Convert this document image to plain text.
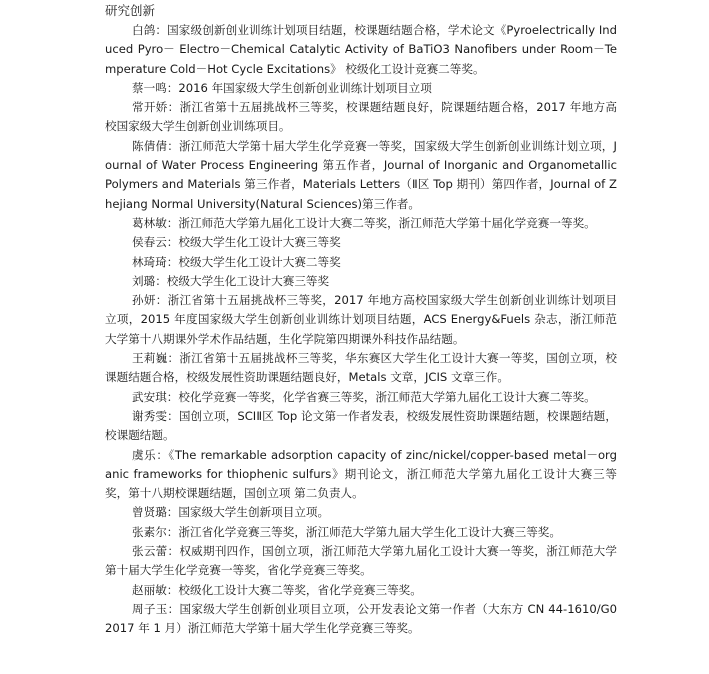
研究创新

白鸽：国家级创新创业训练计划项目结题，校课题结题合格，学术论文《Pyroelectrically Induced Pyro－ Electro－Chemical Catalytic Activity of BaTiO3 Nanofibers under Room－Temperature Cold－Hot Cycle Excitations》 校级化工设计竞赛二等奖。

蔡一鸣：2016 年国家级大学生创新创业训练计划项目立项

常开娇：浙江省第十五届挑战杯三等奖，校课题结题良好，院课题结题合格，2017 年地方高校国家级大学生创新创业训练项目。

陈倩倩：浙江师范大学第十届大学生化学竞赛一等奖，国家级大学生创新创业训练计划立项，Journal of Water Process Engineering 第五作者，Journal of Inorganic and Organometallic Polymers and Materials 第三作者，Materials Letters（Ⅱ区 Top 期刊）第四作者，Journal of Zhejiang Normal University(Natural Sciences)第三作者。

葛林敏：浙江师范大学第九届化工设计大赛二等奖，浙江师范大学第十届化学竞赛一等奖。

侯春云：校级大学生化工设计大赛三等奖

林琦琦：校级大学生化工设计大赛二等奖

刘璐：校级大学生化工设计大赛三等奖

孙妍：浙江省第十五届挑战杯三等奖，2017 年地方高校国家级大学生创新创业训练计划项目立项，2015 年度国家级大学生创新创业训练计划项目结题，ACS Energy&Fuels 杂志，浙江师范大学第十八期课外学术作品结题，生化学院第四期课外科技作品结题。

王莉巍：浙江省第十五届挑战杯三等奖，华东赛区大学生化工设计大赛一等奖，国创立项，校课题结题合格，校级发展性资助课题结题良好，Metals 文章，JCIS 文章三作。

武安琪：校化学竞赛一等奖，化学省赛三等奖，浙江师范大学第九届化工设计大赛二等奖。

谢秀雯：国创立项，SCIⅡ区 Top 论文第一作者发表，校级发展性资助课题结题，校课题结题，校课题结题。

虞乐：《The remarkable adsorption capacity of zinc/nickel/copper-based metal－organic frameworks for thiophenic sulfurs》期刊论文，浙江师范大学第九届化工设计大赛三等奖，第十八期校课题结题，国创立项 第二负责人。

曾贤璐：国家级大学生创新项目立项。

张素尔：浙江省化学竞赛三等奖，浙江师范大学第九届大学生化工设计大赛三等奖。

张云蕾：权威期刊四作，国创立项，浙江师范大学第九届化工设计大赛一等奖，浙江师范大学第十届大学生化学竞赛一等奖，省化学竞赛三等奖。

赵丽敏：校级化工设计大赛二等奖，省化学竞赛三等奖。

周子玉：国家级大学生创新创业项目立项，公开发表论文第一作者（大东方 CN 44-1610/G0 2017 年 1 月）浙江师范大学第十届大学生化学竞赛三等奖。
